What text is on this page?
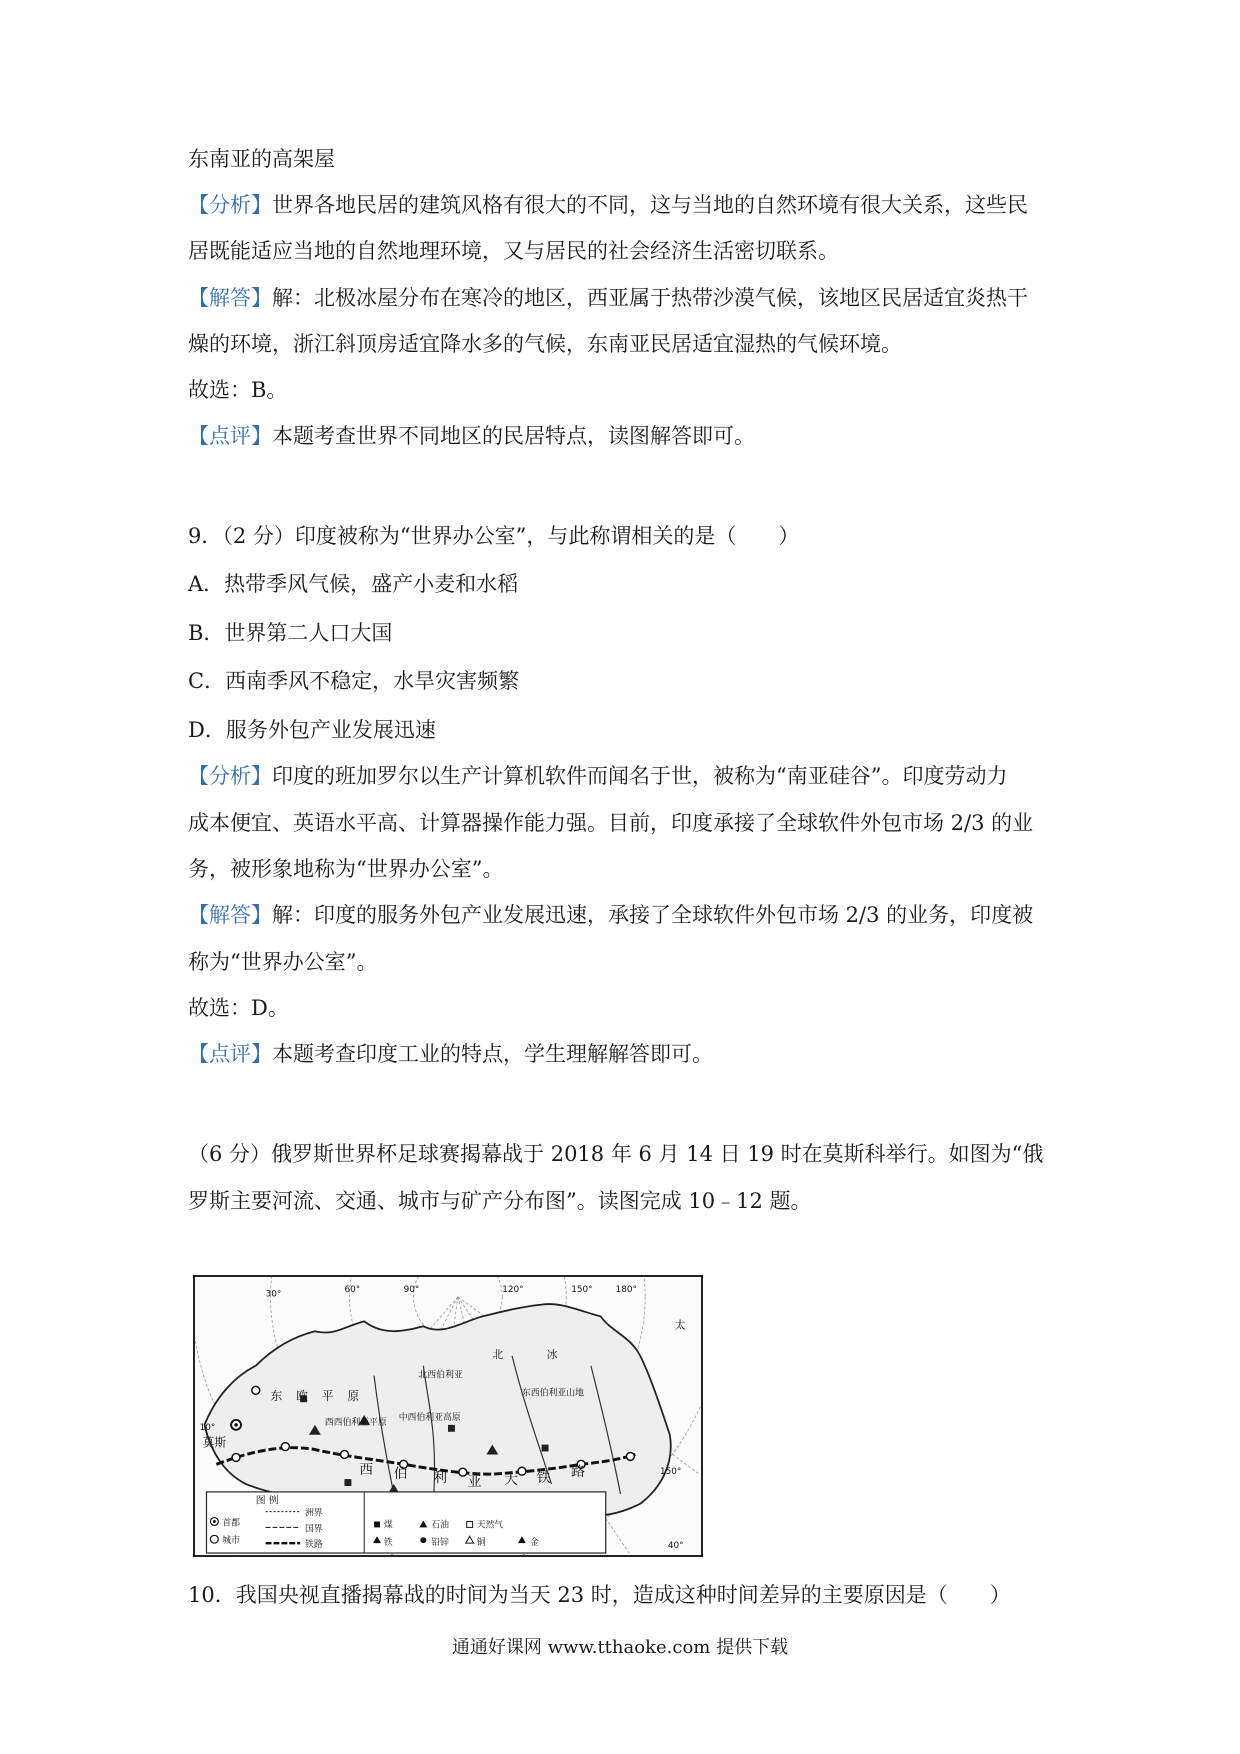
东南亚的高架屋
【分析】世界各地民居的建筑风格有很大的不同，这与当地的自然环境有很大关系，这些民
居既能适应当地的自然地理环境，又与居民的社会经济生活密切联系。
【解答】解：北极冰屋分布在寒冷的地区，西亚属于热带沙漠气候，该地区民居适宜炎热干
燥的环境，浙江斜顶房适宜降水多的气候，东南亚民居适宜湿热的气候环境。
故选：B。
【点评】本题考查世界不同地区的民居特点，读图解答即可。
9．（2 分）印度被称为“世界办公室”，与此称谓相关的是（　　）
A．热带季风气候，盛产小麦和水稻
B．世界第二人口大国
C．西南季风不稳定，水旱灾害频繁
D．服务外包产业发展迅速
【分析】印度的班加罗尔以生产计算机软件而闻名于世，被称为“南亚硅谷”。印度劳动力
成本便宜、英语水平高、计算器操作能力强。目前，印度承接了全球软件外包市场 2/3 的业
务，被形象地称为“世界办公室”。
【解答】解：印度的服务外包产业发展迅速，承接了全球软件外包市场 2/3 的业务，印度被
称为“世界办公室”。
故选：D。
【点评】本题考查印度工业的特点，学生理解解答即可。
（6 分）俄罗斯世界杯足球赛揭幕战于 2018 年 6 月 14 日 19 时在莫斯科举行。如图为“俄
罗斯主要河流、交通、城市与矿产分布图”。读图完成 10﹣12 题。
北	冰
太
东欧平原
西西伯利亚平原 中西伯利亚高原
北西伯利亚
东西伯利亚山地
西 伯 利 亚 大 铁 路
莫斯
60°	90°	120°	150°	180°
30°
10°
40°
150°
图 例
首都
城市
洲界
国界
铁路
煤
铁
石油
铅锌
天然气
铜	金
10．我国央视直播揭幕战的时间为当天 23 时，造成这种时间差异的主要原因是（　　）
通通好课网 www.tthaoke.com 提供下载
